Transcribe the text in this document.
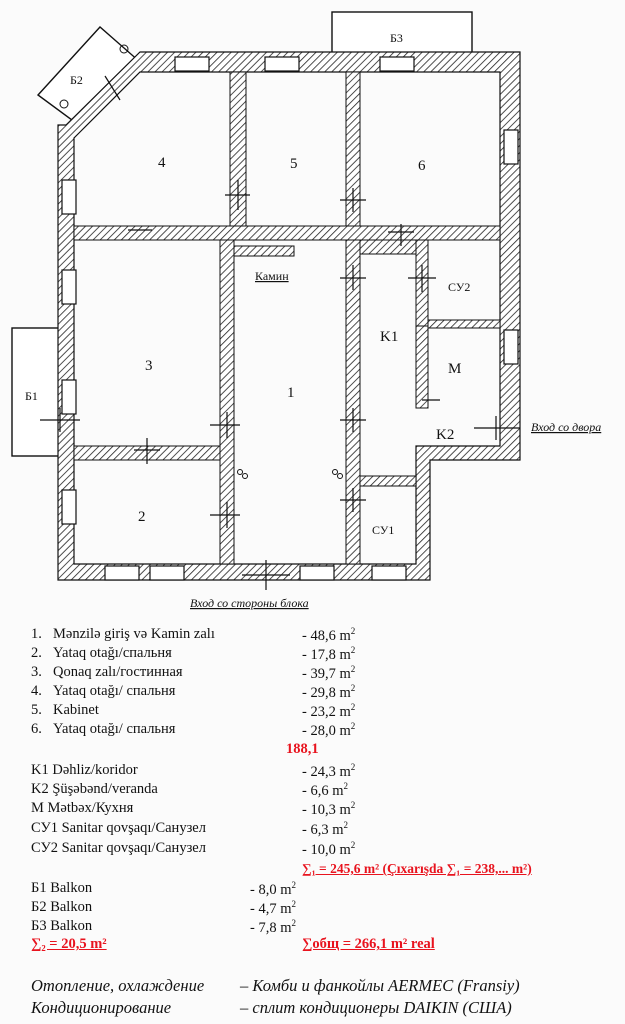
4	5	6
3
1
2
K1
K2
M
СУ1
СУ2
Б1
Б2
Б3
Камин
Вход со двора
Вход со стороны блока
1. Mənzilə giriş və Kamin zalı	- 48,6 $m^2$
2. Yataq otağı/спальня	- 17,8 $m^2$
3. Qonaq zalı/гостинная	- 39,7 $m^2$
4. Yataq otağı/ спальня	- 29,8 $m^2$
5. Kabinet	- 23,2 $m^2$
6. Yataq otağı/ спальня	- 28,0 $m^2$
188,1
K1 Dəhliz/koridor	- 24,3 $m^2$
K2 Şüşəbənd/veranda	- 6,6 $m^2$
M Mətbəx/Кухня	- 10,3 $m^2$
СУ1 Sanitar qovşaqı/Санузел	- 6,3 $m^2$
СУ2 Sanitar qovşaqı/Санузел	- 10,0 $m^2$
∑₁ = 245,6 m² (Çıxarışda ∑₁ = 238,... m²)
Б1 Balkon	- 8,0 $m^2$
Б2 Balkon	- 4,7 $m^2$
Б3 Balkon	- 7,8 $m^2$
∑₂ = 20,5 m²	∑общ = 266,1 m² real
Отопление, охлаждение – Комби и фанкойлы AERMEC (Fransiy)
Кондиционирование	– сплит кондиционеры DAIKIN (США)
